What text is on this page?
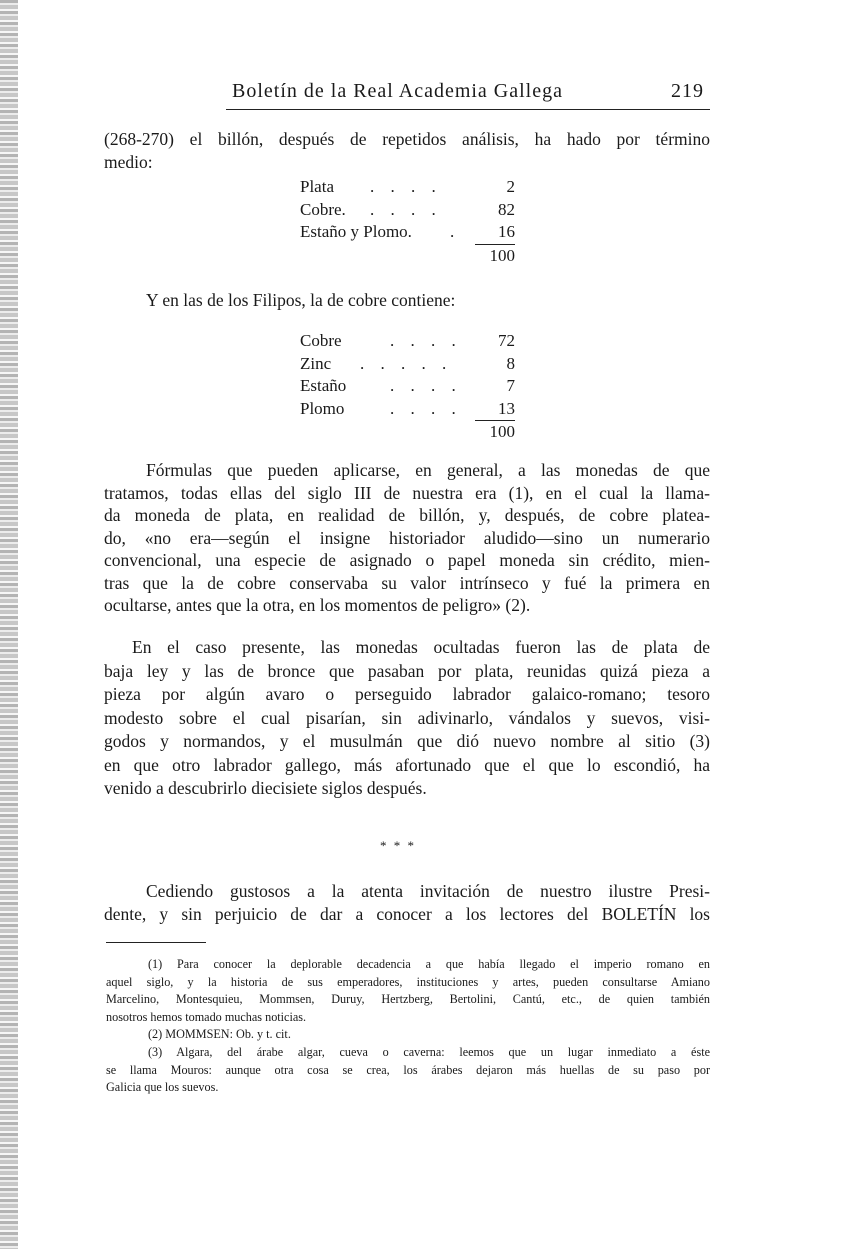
Boletín de la Real Academia Gallega	219
(268-270) el billón, después de repetidos análisis, ha hado por término
medio:
Plata . . . .	2
Cobre. . . . .	82
Estaño y Plomo. . 16
100
Y en las de los Filipos, la de cobre contiene:
Cobre	. . . . 72
Zinc . . . . .	8
Estaño	. . . .	7
Plomo	. . . . 13
100
Fórmulas que pueden aplicarse, en general, a las monedas de que
tratamos, todas ellas del siglo III de nuestra era (1), en el cual la llama-
da moneda de plata, en realidad de billón, y, después, de cobre platea-
do, «no era—según el insigne historiador aludido—sino un numerario
convencional, una especie de asignado o papel moneda sin crédito, mien-
tras que la de cobre conservaba su valor intrínseco y fué la primera en
ocultarse, antes que la otra, en los momentos de peligro» (2).
En el caso presente, las monedas ocultadas fueron las de plata de
baja ley y las de bronce que pasaban por plata, reunidas quizá pieza a
pieza por algún avaro o perseguido labrador galaico-romano; tesoro
modesto sobre el cual pisarían, sin adivinarlo, vándalos y suevos, visi-
godos y normandos, y el musulmán que dió nuevo nombre al sitio (3)
en que otro labrador gallego, más afortunado que el que lo escondió, ha
venido a descubrirlo diecisiete siglos después.
* * *
Cediendo gustosos a la atenta invitación de nuestro ilustre Presi-
dente, y sin perjuicio de dar a conocer a los lectores del BOLETÍN los
(1) Para conocer la deplorable decadencia a que había llegado el imperio romano en
aquel siglo, y la historia de sus emperadores, instituciones y artes, pueden consultarse Amiano
Marcelino, Montesquieu, Mommsen, Duruy, Hertzberg, Bertolini, Cantú, etc., de quien también
nosotros hemos tomado muchas noticias.
(2) MOMMSEN: Ob. y t. cit.
(3) Algara, del árabe algar, cueva o caverna: leemos que un lugar inmediato a éste
se llama Mouros: aunque otra cosa se crea, los árabes dejaron más huellas de su paso por
Galicia que los suevos.
